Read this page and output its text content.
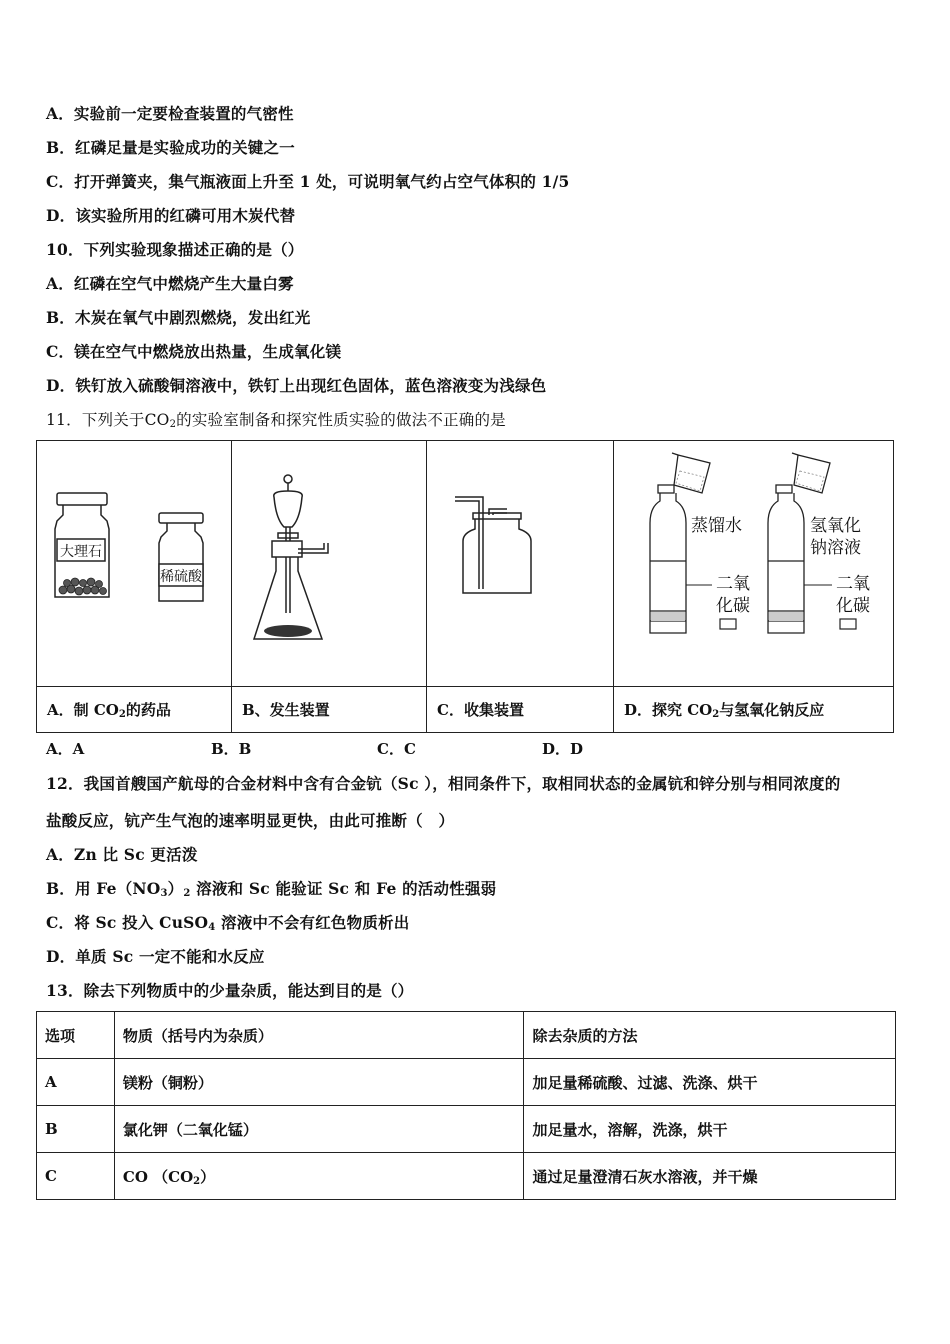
A．实验前一定要检查装置的气密性
B．红磷足量是实验成功的关键之一
C．打开弹簧夹，集气瓶液面上升至 1 处，可说明氧气约占空气体积的 1/5
D．该实验所用的红磷可用木炭代替
10．下列实验现象描述正确的是（）
A．红磷在空气中燃烧产生大量白雾
B．木炭在氧气中剧烈燃烧，发出红光
C．镁在空气中燃烧放出热量，生成氧化镁
D．铁钉放入硫酸铜溶液中，铁钉上出现红色固体，蓝色溶液变为浅绿色
11．下列关于$CO_2$的实验室制备和探究性质实验的做法不正确的是
大理石
稀硫酸
蒸馏水
二氧
化碳
氢氧化
钠溶液
二氧
化碳
A．制 $CO_2$的药品	B、发生装置	C．收集装置	D．探究 $CO_2$与氢氧化钠反应
A．A	B．B	C．C	D．D
12．我国首艘国产航母的合金材料中含有合金钪（Sc ），相同条件下，取相同状态的金属钪和锌分别与相同浓度的
盐酸反应，钪产生气泡的速率明显更快，由此可推断（　）
A．Zn 比 Sc 更活泼
B．用 $Fe(NO_3)_2$ 溶液和 Sc 能验证 Sc 和 Fe 的活动性强弱
C．将 Sc 投入 CuSO$_4$ 溶液中不会有红色物质析出
D．单质 Sc 一定不能和水反应
13．除去下列物质中的少量杂质，能达到目的是（）
选项	物质（括号内为杂质）	除去杂质的方法
A	镁粉（铜粉）	加足量稀硫酸、过滤、洗涤、烘干
B	氯化钾（二氧化锰）	加足量水，溶解，洗涤，烘干
C	CO $(CO_2)$	通过足量澄清石灰水溶液，并干燥
